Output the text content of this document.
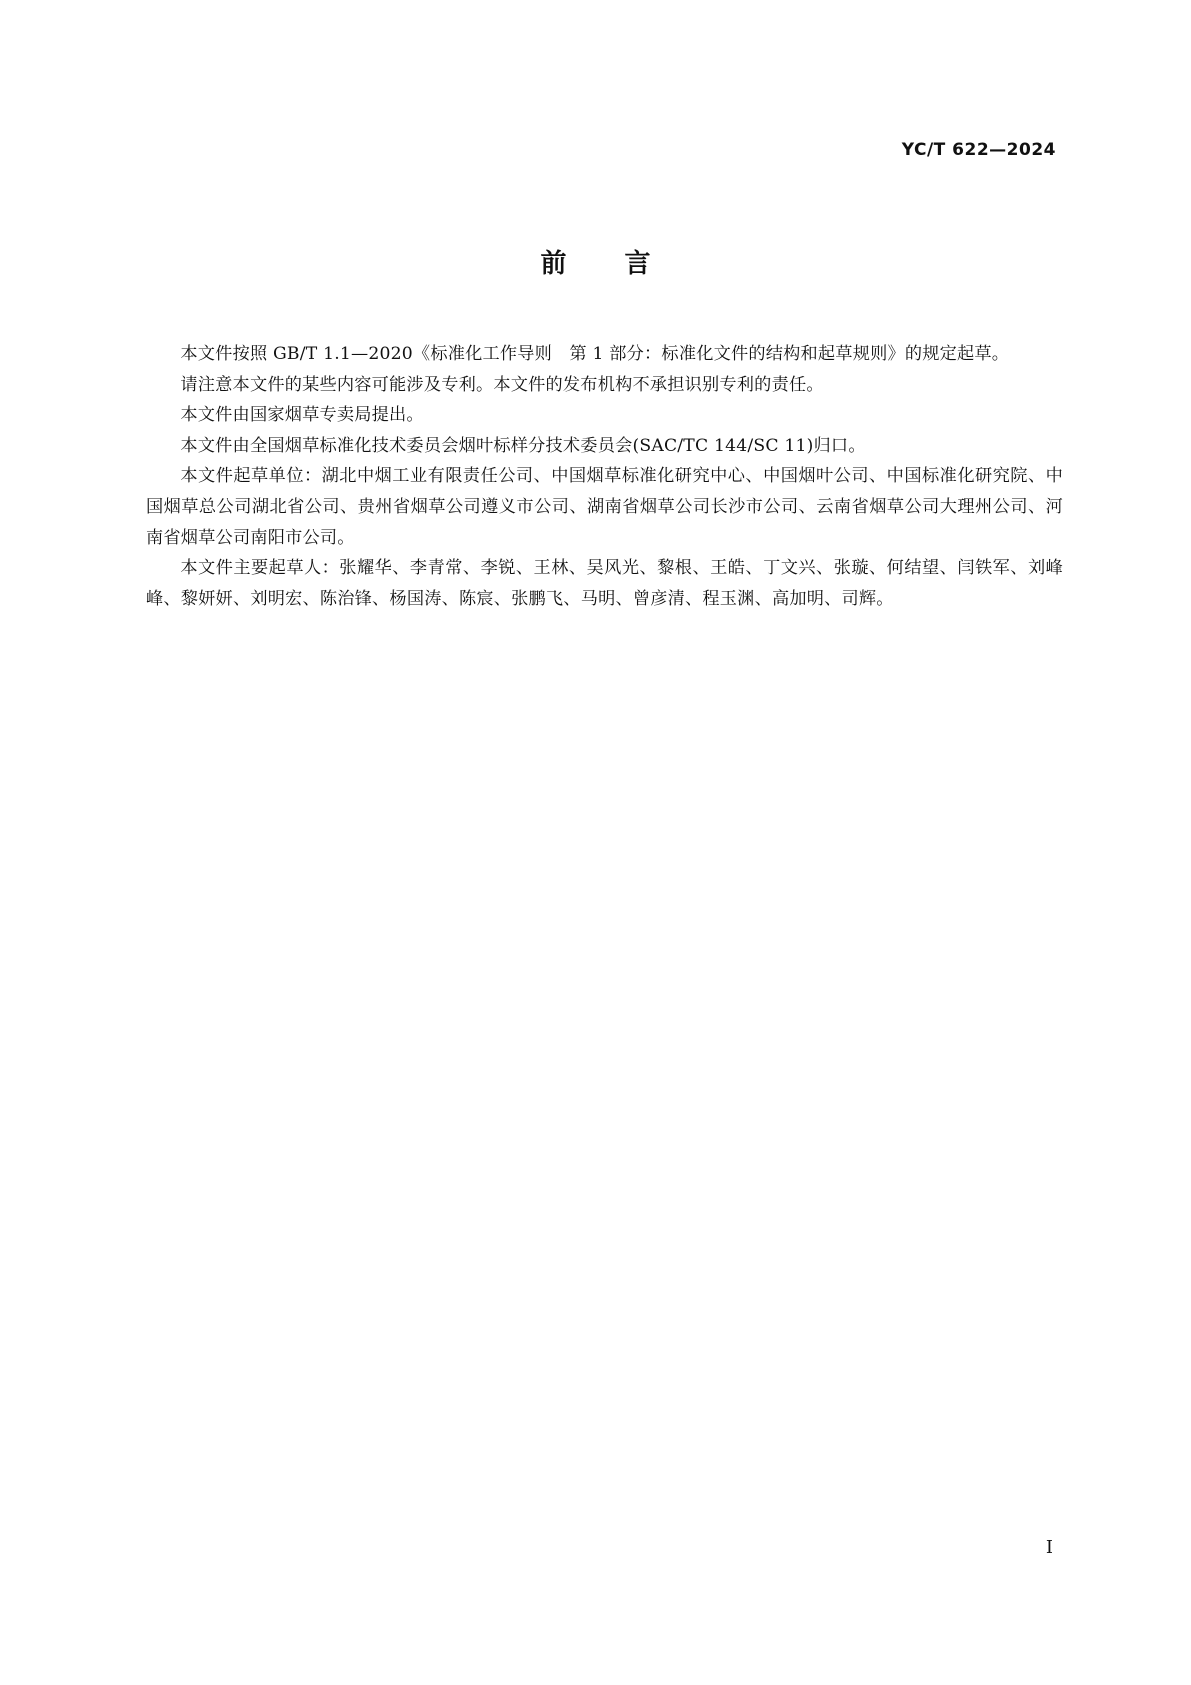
YC/T 622—2024
前言

本文件按照 GB/T 1.1—2020《标准化工作导则　第 1 部分：标准化文件的结构和起草规则》的规定起草。

请注意本文件的某些内容可能涉及专利。本文件的发布机构不承担识别专利的责任。

本文件由国家烟草专卖局提出。

本文件由全国烟草标准化技术委员会烟叶标样分技术委员会(SAC/TC 144/SC 11)归口。

本文件起草单位：湖北中烟工业有限责任公司、中国烟草标准化研究中心、中国烟叶公司、中国标准化研究院、中国烟草总公司湖北省公司、贵州省烟草公司遵义市公司、湖南省烟草公司长沙市公司、云南省烟草公司大理州公司、河南省烟草公司南阳市公司。

本文件主要起草人：张耀华、李青常、李锐、王林、吴风光、黎根、王皓、丁文兴、张璇、何结望、闫铁军、刘峰峰、黎妍妍、刘明宏、陈治锋、杨国涛、陈宸、张鹏飞、马明、曾彦清、程玉渊、高加明、司辉。

I
